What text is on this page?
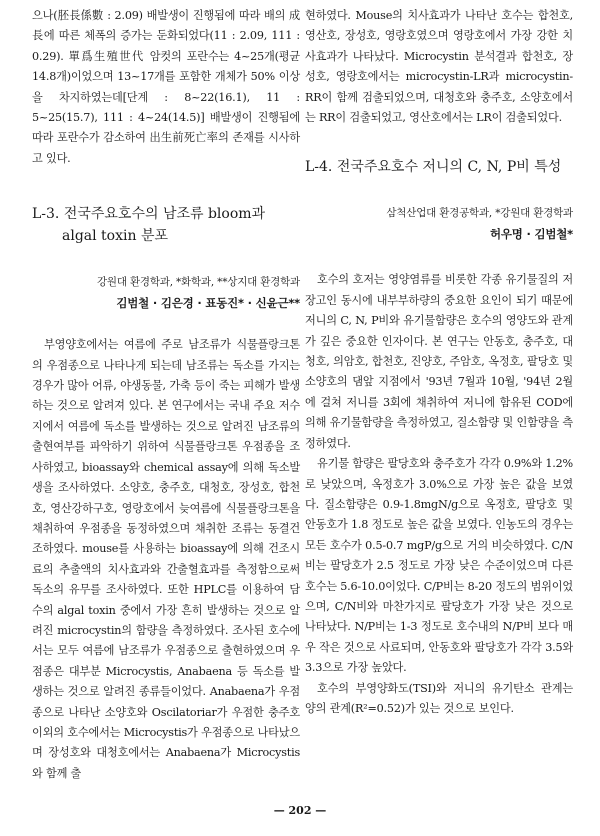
으나(胚長係數 : 2.09) 배발생이 진행됨에 따라 배의 成長에 따른 체폭의 증가는 둔화되었다(11 : 2.09, 111 : 0.29). 單爲生殖世代 암컷의 포란수는 4~25개(평균 14.8개)이었으며 13~17개를 포함한 개체가 50% 이상을 차지하였는데[단계 : 8~22(16.1), 11 : 5~25(15.7), 111 : 4~24(14.5)] 배발생이 진행됨에 따라 포란수가 감소하여 出生前死亡率의 존재를 시사하고 있다.

L-3. 전국주요호수의 남조류 bloom과 algal toxin 분포

강원대 환경학과, *화학과, **상지대 환경학과

김범철 · 김은경 · 표동진* · 신윤근**

부영양호에서는 여름에 주로 남조류가 식물플랑크톤의 우점종으로 나타나게 되는데 남조류는 독소를 가지는 경우가 많아 어류, 야생동물, 가축 등이 죽는 피해가 발생하는 것으로 알려져 있다. 본 연구에서는 국내 주요 저수지에서 여름에 독소를 발생하는 것으로 알려진 남조류의 출현여부를 파악하기 위하여 식물플랑크톤 우점종을 조사하였고, bioassay와 chemical assay에 의해 독소발생을 조사하였다. 소양호, 충주호, 대청호, 장성호, 합천호, 영산강하구호, 영랑호에서 늦여름에 식물플랑크톤을 채취하여 우점종을 동정하였으며 채취한 조류는 동결건조하였다. mouse를 사용하는 bioassay에 의해 건조시료의 추출액의 치사효과와 간출혈효과를 측정함으로써 독소의 유무를 조사하였다. 또한 HPLC를 이용하여 담수의 algal toxin 중에서 가장 흔히 발생하는 것으로 알려진 microcystin의 함량을 측정하였다. 조사된 호수에서는 모두 여름에 남조류가 우점종으로 출현하였으며 우점종은 대부분 Microcystis, Anabaena 등 독소를 발생하는 것으로 알려진 종류들이었다. Anabaena가 우점종으로 나타난 소양호와 Oscilatoriar가 우점한 충주호 이외의 호수에서는 Microcystis가 우점종으로 나타났으며 장성호와 대청호에서는 Anabaena가 Microcystis와 함께 출

현하였다. Mouse의 치사효과가 나타난 호수는 합천호, 영산호, 장성호, 영랑호였으며 영랑호에서 가장 강한 치사효과가 나타났다. Microcystin 분석결과 합천호, 장성호, 영랑호에서는 microcystin-LR과 microcystin-RR이 함께 검출되었으며, 대청호와 충주호, 소양호에서는 RR이 검출되었고, 영산호에서는 LR이 검출되었다.

L-4. 전국주요호수 저니의 C, N, P비 특성

삼척산업대 환경공학과, *강원대 환경학과

허우명 · 김범철*

호수의 호저는 영양염류를 비롯한 각종 유기물질의 저장고인 동시에 내부부하량의 중요한 요인이 되기 때문에 저니의 C, N, P비와 유기물함량은 호수의 영양도와 관계가 깊은 중요한 인자이다. 본 연구는 안동호, 충주호, 대청호, 의암호, 합천호, 진양호, 주암호, 옥정호, 팔당호 및 소양호의 댐앞 지점에서 '93년 7월과 10월, '94년 2월에 걸쳐 저니를 3회에 채취하여 저니에 함유된 COD에 의해 유기물함량을 측정하였고, 질소함량 및 인함량을 측정하였다.

유기물 함량은 팔당호와 충주호가 각각 0.9%와 1.2%로 낮았으며, 옥정호가 3.0%으로 가장 높은 값을 보였다. 질소함량은 0.9-1.8mgN/g으로 옥정호, 팔당호 및 안동호가 1.8 정도로 높은 값을 보였다. 인농도의 경우는 모든 호수가 0.5-0.7 mgP/g으로 거의 비슷하였다. C/N비는 팔당호가 2.5 정도로 가장 낮은 수준이었으며 다른 호수는 5.6-10.0이었다. C/P비는 8-20 정도의 범위이었으며, C/N비와 마찬가지로 팔당호가 가장 낮은 것으로 나타났다. N/P비는 1-3 정도로 호수내의 N/P비 보다 매우 작은 것으로 사료되며, 안동호와 팔당호가 각각 3.5와 3.3으로 가장 높았다.

호수의 부영양화도(TSI)와 저니의 유기탄소 관계는 양의 관계(R²=0.52)가 있는 것으로 보인다.

— 202 —
